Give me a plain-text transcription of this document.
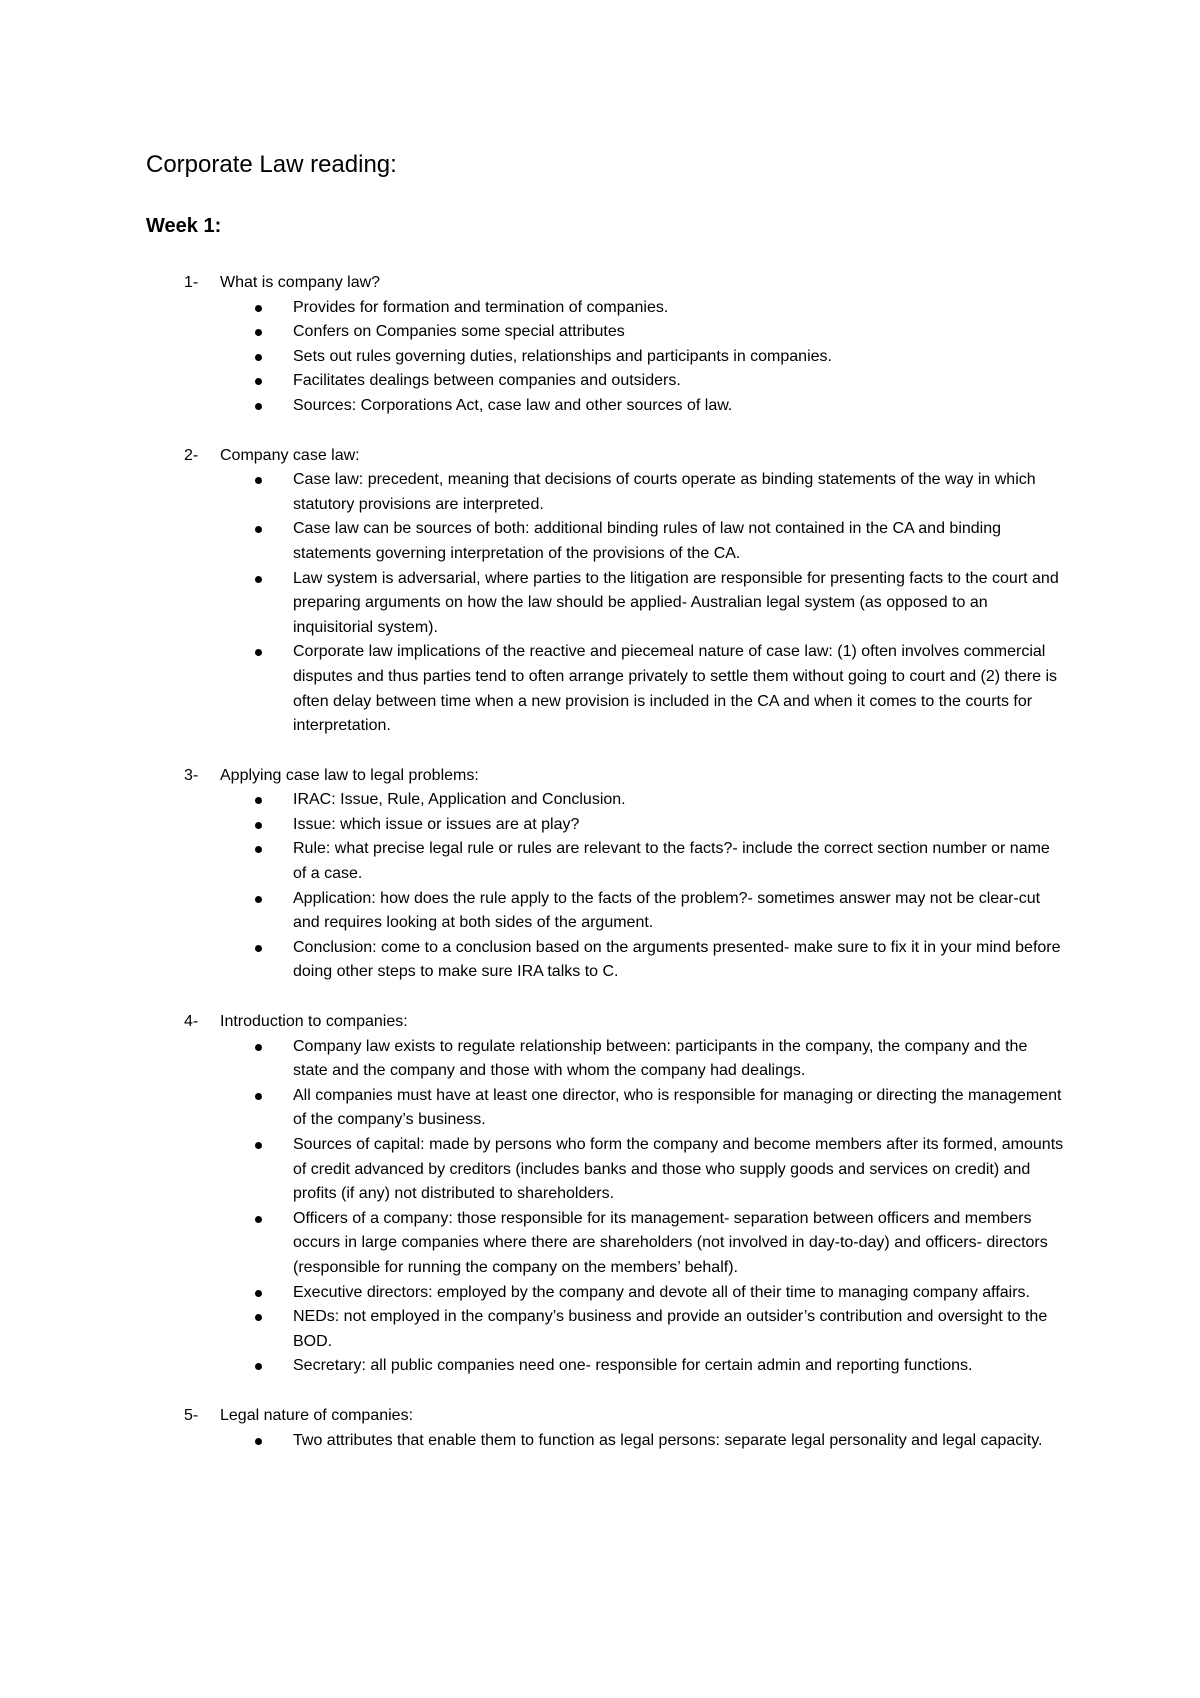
Corporate Law reading:
Week 1:
1- What is company law?
Provides for formation and termination of companies.
Confers on Companies some special attributes
Sets out rules governing duties, relationships and participants in companies.
Facilitates dealings between companies and outsiders.
Sources: Corporations Act, case law and other sources of law.
2- Company case law:
Case law: precedent, meaning that decisions of courts operate as binding statements of the way in which statutory provisions are interpreted.
Case law can be sources of both: additional binding rules of law not contained in the CA and binding statements governing interpretation of the provisions of the CA.
Law system is adversarial, where parties to the litigation are responsible for presenting facts to the court and preparing arguments on how the law should be applied- Australian legal system (as opposed to an inquisitorial system).
Corporate law implications of the reactive and piecemeal nature of case law: (1) often involves commercial disputes and thus parties tend to often arrange privately to settle them without going to court and (2) there is often delay between time when a new provision is included in the CA and when it comes to the courts for interpretation.
3- Applying case law to legal problems:
IRAC: Issue, Rule, Application and Conclusion.
Issue: which issue or issues are at play?
Rule: what precise legal rule or rules are relevant to the facts?- include the correct section number or name of a case.
Application: how does the rule apply to the facts of the problem?- sometimes answer may not be clear-cut and requires looking at both sides of the argument.
Conclusion: come to a conclusion based on the arguments presented- make sure to fix it in your mind before doing other steps to make sure IRA talks to C.
4- Introduction to companies:
Company law exists to regulate relationship between: participants in the company, the company and the state and the company and those with whom the company had dealings.
All companies must have at least one director, who is responsible for managing or directing the management of the company’s business.
Sources of capital: made by persons who form the company and become members after its formed, amounts of credit advanced by creditors (includes banks and those who supply goods and services on credit) and profits (if any) not distributed to shareholders.
Officers of a company: those responsible for its management- separation between officers and members occurs in large companies where there are shareholders (not involved in day-to-day) and officers- directors (responsible for running the company on the members’ behalf).
Executive directors: employed by the company and devote all of their time to managing company affairs.
NEDs: not employed in the company’s business and provide an outsider’s contribution and oversight to the BOD.
Secretary: all public companies need one- responsible for certain admin and reporting functions.
5- Legal nature of companies:
Two attributes that enable them to function as legal persons: separate legal personality and legal capacity.
